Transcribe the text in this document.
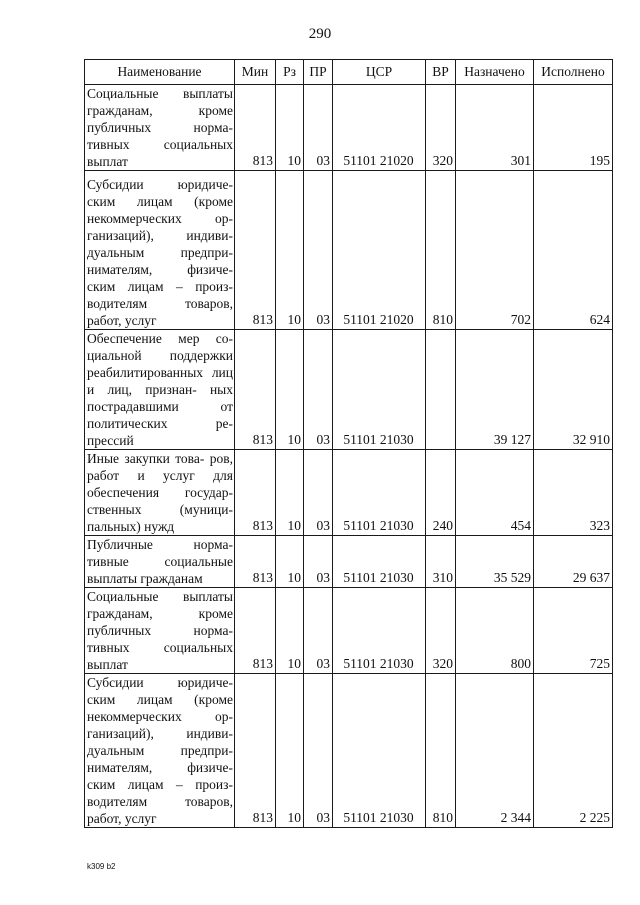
290
Наименование	Мин	Рз	ПР	ЦСР	ВР	Назначено	Исполнено
Социальные выплаты гражданам, кроме публичных норма- тивных социальных выплат	813	10	03	51101 21020	320	301	195
Субсидии юридиче- ским лицам (кроме некоммерческих ор- ганизаций), индиви- дуальным предпри- нимателям, физиче- ским лицам – произ- водителям товаров, работ, услуг	813	10	03	51101 21020	810	702	624
Обеспечение мер со- циальной поддержки реабилитированных лиц и лиц, признан- ных пострадавшими от политических ре- прессий	813	10	03	51101 21030		39 127	32 910
Иные закупки това- ров, работ и услуг для обеспечения государ- ственных (муници- пальных) нужд	813	10	03	51101 21030	240	454	323
Публичные норма- тивные социальные выплаты гражданам	813	10	03	51101 21030	310	35 529	29 637
Социальные выплаты гражданам, кроме публичных норма- тивных социальных выплат	813	10	03	51101 21030	320	800	725
Субсидии юридиче- ским лицам (кроме некоммерческих ор- ганизаций), индиви- дуальным предпри- нимателям, физиче- ским лицам – произ- водителям товаров, работ, услуг	813	10	03	51101 21030	810	2 344	2 225
k309 b2
